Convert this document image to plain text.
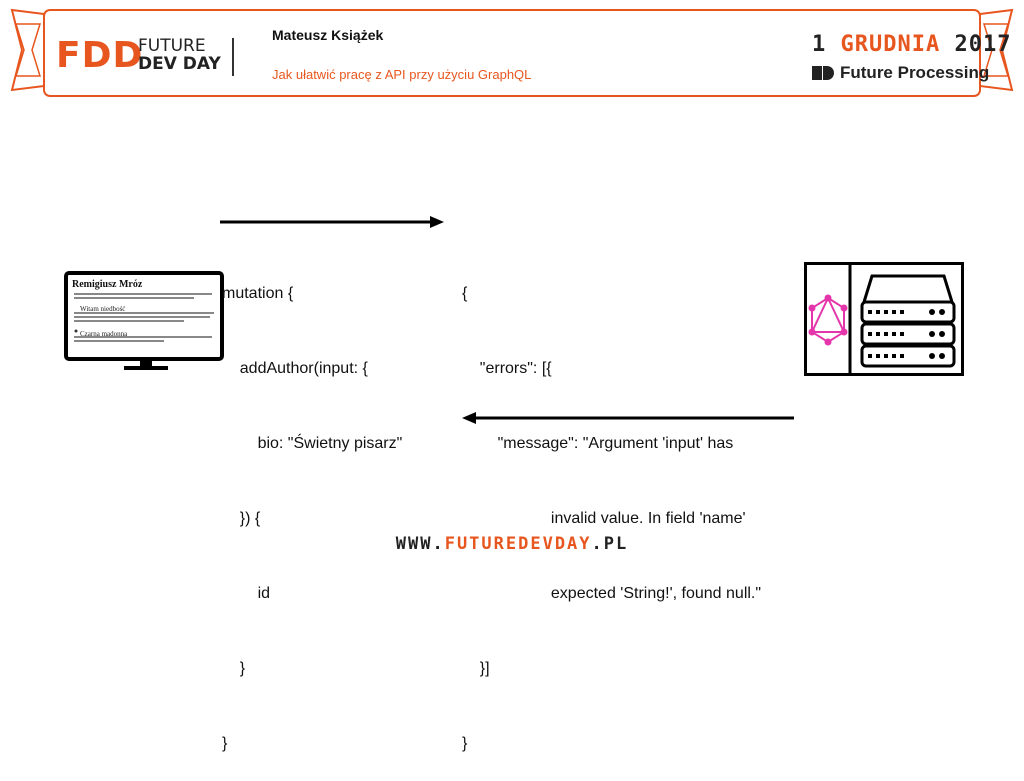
FDD
FUTURE
DEV DAY
Mateusz Książek
Jak ułatwić pracę z API przy użyciu GraphQL
1 GRUDNIA 2017
Future Processing
Remigiusz Mróz
Witam niedbość
Czarna madonna

mutation {

addAuthor(input: {

bio: "Świetny pisarz"

}) {

id

}

}

{

"errors": [{

"message": "Argument 'input' has

invalid value. In field 'name'

expected 'String!', found null."

}]

}

WWW.FUTUREDEVDAY.PL
